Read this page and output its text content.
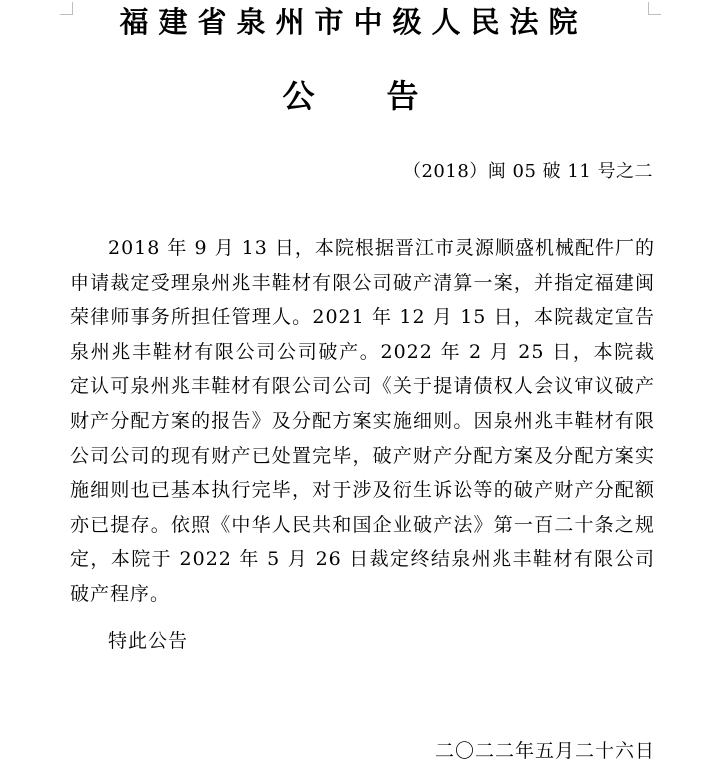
福建省泉州市中级人民法院
公告
（2018）闽 05 破 11 号之二

2018 年 9 月 13 日，本院根据晋江市灵源顺盛机械配件厂的申请裁定受理泉州兆丰鞋材有限公司破产清算一案，并指定福建闽荣律师事务所担任管理人。2021 年 12 月 15 日，本院裁定宣告泉州兆丰鞋材有限公司公司破产。2022 年 2 月 25 日，本院裁定认可泉州兆丰鞋材有限公司公司《关于提请债权人会议审议破产财产分配方案的报告》及分配方案实施细则。因泉州兆丰鞋材有限公司公司的现有财产已处置完毕，破产财产分配方案及分配方案实施细则也已基本执行完毕，对于涉及衍生诉讼等的破产财产分配额亦已提存。依照《中华人民共和国企业破产法》第一百二十条之规定，本院于 2022 年 5 月 26 日裁定终结泉州兆丰鞋材有限公司破产程序。

特此公告
二〇二二年五月二十六日
